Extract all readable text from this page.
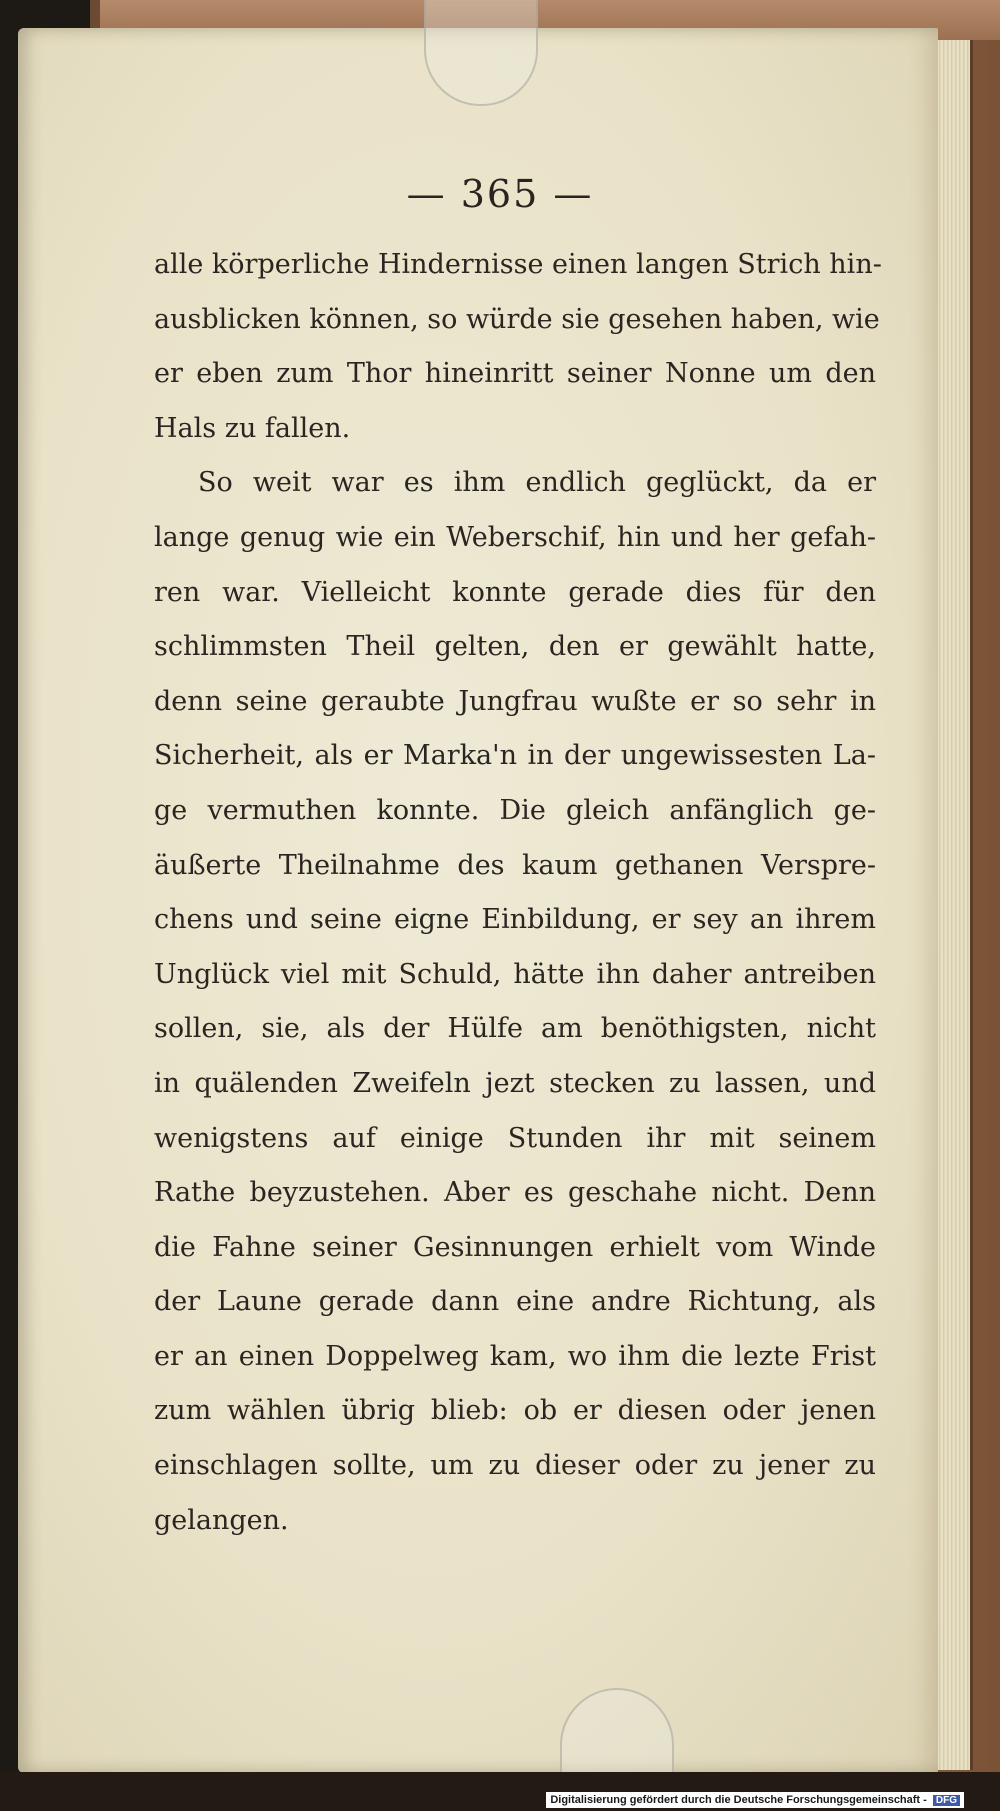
— 365 —
alle körperliche Hindernisse einen langen Strich hin-
ausblicken können, so würde sie gesehen haben, wie
er eben zum Thor hineinritt seiner Nonne um den
Hals zu fallen.
So weit war es ihm endlich geglückt, da er
lange genug wie ein Weberschif, hin und her gefah-
ren war. Vielleicht konnte gerade dies für den
schlimmsten Theil gelten, den er gewählt hatte,
denn seine geraubte Jungfrau wußte er so sehr in
Sicherheit, als er Marka'n in der ungewissesten La-
ge vermuthen konnte. Die gleich anfänglich ge-
äußerte Theilnahme des kaum gethanen Verspre-
chens und seine eigne Einbildung, er sey an ihrem
Unglück viel mit Schuld, hätte ihn daher antreiben
sollen, sie, als der Hülfe am benöthigsten, nicht
in quälenden Zweifeln jezt stecken zu lassen, und
wenigstens auf einige Stunden ihr mit seinem
Rathe beyzustehen. Aber es geschahe nicht. Denn
die Fahne seiner Gesinnungen erhielt vom Winde
der Laune gerade dann eine andre Richtung, als
er an einen Doppelweg kam, wo ihm die lezte Frist
zum wählen übrig blieb: ob er diesen oder jenen
einschlagen sollte, um zu dieser oder zu jener zu
gelangen.
Digitalisierung gefördert durch die Deutsche Forschungsgemeinschaft - DFG
